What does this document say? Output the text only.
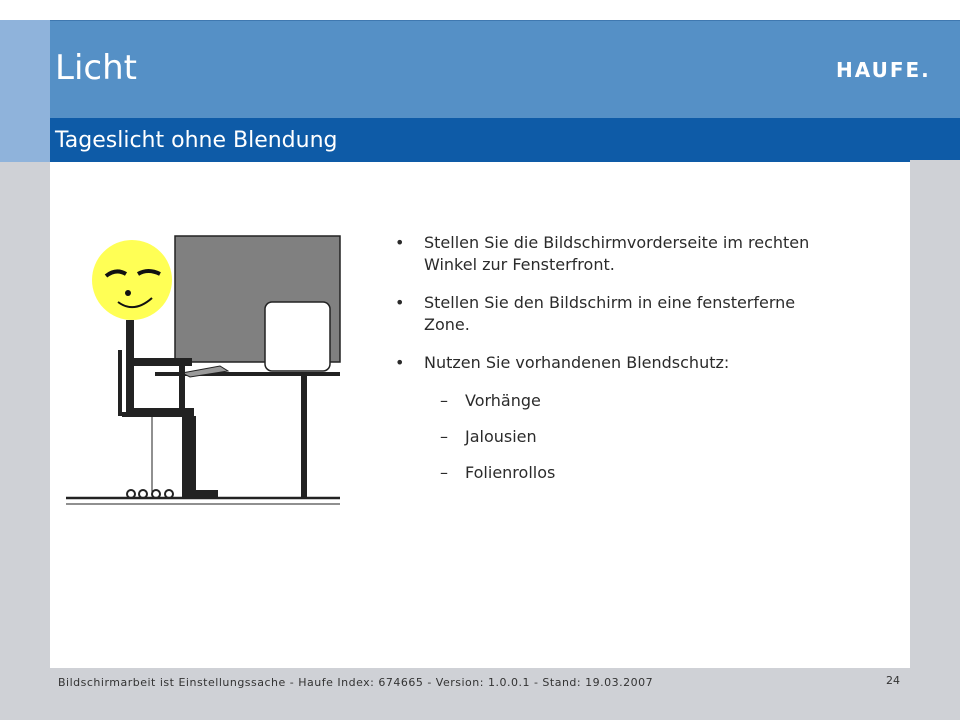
Licht	HAUFE.
Tageslicht ohne Blendung
• Stellen Sie die Bildschirmvorderseite im rechten Winkel zur Fensterfront.
• Stellen Sie den Bildschirm in eine fensterferne Zone.
• Nutzen Sie vorhandenen Blendschutz:
– Vorhänge
– Jalousien
– Folienrollos
Bildschirmarbeit ist Einstellungssache - Haufe Index: 674665 - Version: 1.0.0.1 - Stand: 19.03.2007	24
